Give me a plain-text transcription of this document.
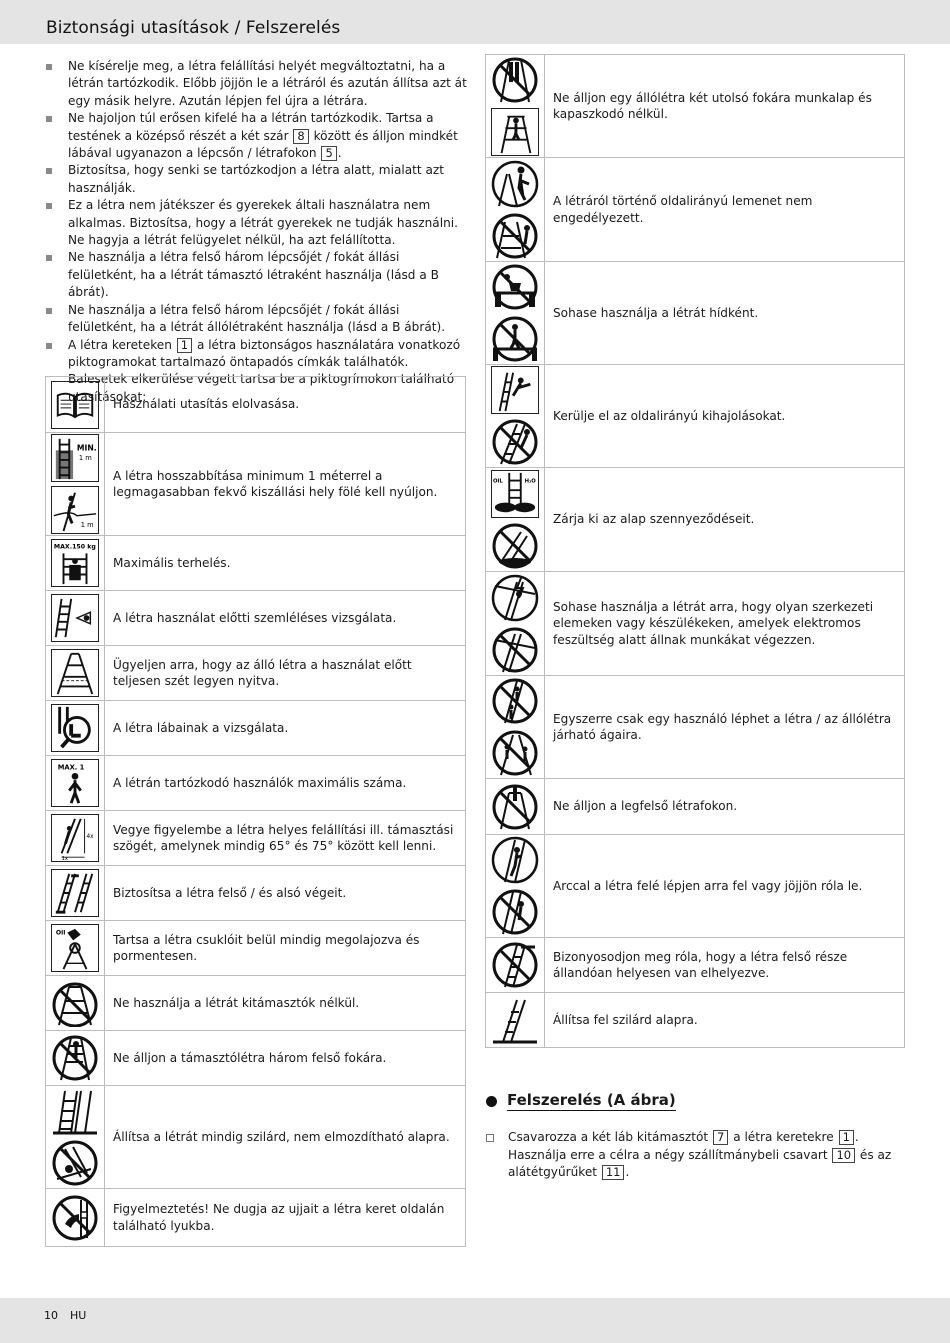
Biztonsági utasítások / Felszerelés
Ne kísérelje meg, a létra felállítási helyét megváltoztatni, ha a létrán tartózkodik. Előbb jöjjön le a létráról és azután állítsa azt át egy másik helyre. Azután lépjen fel újra a létrára.
Ne hajoljon túl erősen kifelé ha a létrán tartózkodik. Tartsa a testének a középső részét a két szár 8 között és álljon mindkét lábával ugyanazon a lépcsőn / létrafokon 5 .
Biztosítsa, hogy senki se tartózkodjon a létra alatt, mialatt azt használják.
Ez a létra nem játékszer és gyerekek általi használatra nem alkalmas. Biztosítsa, hogy a létrát gyerekek ne tudják használni. Ne hagyja a létrát felügyelet nélkül, ha azt felállította.
Ne használja a létra felső három lépcsőjét / fokát állási felületként, ha a létrát támasztó létraként használja (lásd a B ábrát).
Ne használja a létra felső három lépcsőjét / fokát állási felületként, ha a létrát állólétraként használja (lásd a B ábrát).
A létra kereteken 1 a létra biztonságos használatára vonatkozó piktogramokat tartalmazó öntapadós címkák találhatók. Balesetek elkerülése végett tartsa be a piktogrímokon található utasításokat:
	Használati utasítás elolvasása.

MIN.
1 m
1 m	A létra hosszabbítása minimum 1 méterrel a legmagasabban fekvő kiszállási hely fölé kell nyúljon.

MAX.150 kg	Maximális terhelés.

	A létra használat előtti szemléléses vizsgálata.

	Ügyeljen arra, hogy az álló létra a használat előtt teljesen szét legyen nyitva.

	A létra lábainak a vizsgálata.

MAX. 1	A létrán tartózkodó használók maximális száma.

4x
1x	Vegye figyelembe a létra helyes felállítási ill. támasztási szögét, amelynek mindig 65° és 75° között kell lenni.

	Biztosítsa a létra felső / és alsó végeit.

Oil	Tartsa a létra csuklóit belül mindig megolajozva és pormentesen.

	Ne használja a létrát kitámasztók nélkül.

	Ne álljon a támasztólétra három felső fokára.

	Állítsa a létrát mindig szilárd, nem elmozdítható alapra.

	Figyelmeztetés! Ne dugja az ujjait a létra keret oldalán található lyukba.
	Ne álljon egy állólétra két utolsó fokára munkalap és kapaszkodó nélkül.

	A létráról történő oldalirányú lemenet nem engedélyezett.

	Sohase használja a létrát hídként.

	Kerülje el az oldalirányú kihajolásokat.

OIL H₂O	Zárja ki az alap szennyeződéseit.

	Sohase használja a létrát arra, hogy olyan szerkezeti elemeken vagy készülékeken, amelyek elektromos feszültség alatt állnak munkákat végezzen.

	Egyszerre csak egy használó léphet a létra / az állólétra járható ágaira.

	Ne álljon a legfelső létrafokon.

	Arccal a létra felé lépjen arra fel vagy jöjjön róla le.

	Bizonyosodjon meg róla, hogy a létra felső része állandóan helyesen van elhelyezve.

	Állítsa fel szilárd alapra.
Felszerelés (A ábra)
Csavarozza a két láb kitámasztót 7 a létra keretekre 1 . Használja erre a célra a négy szállítmánybeli csavart 10 és az alátétgyűrűket 11 .
10 HU
